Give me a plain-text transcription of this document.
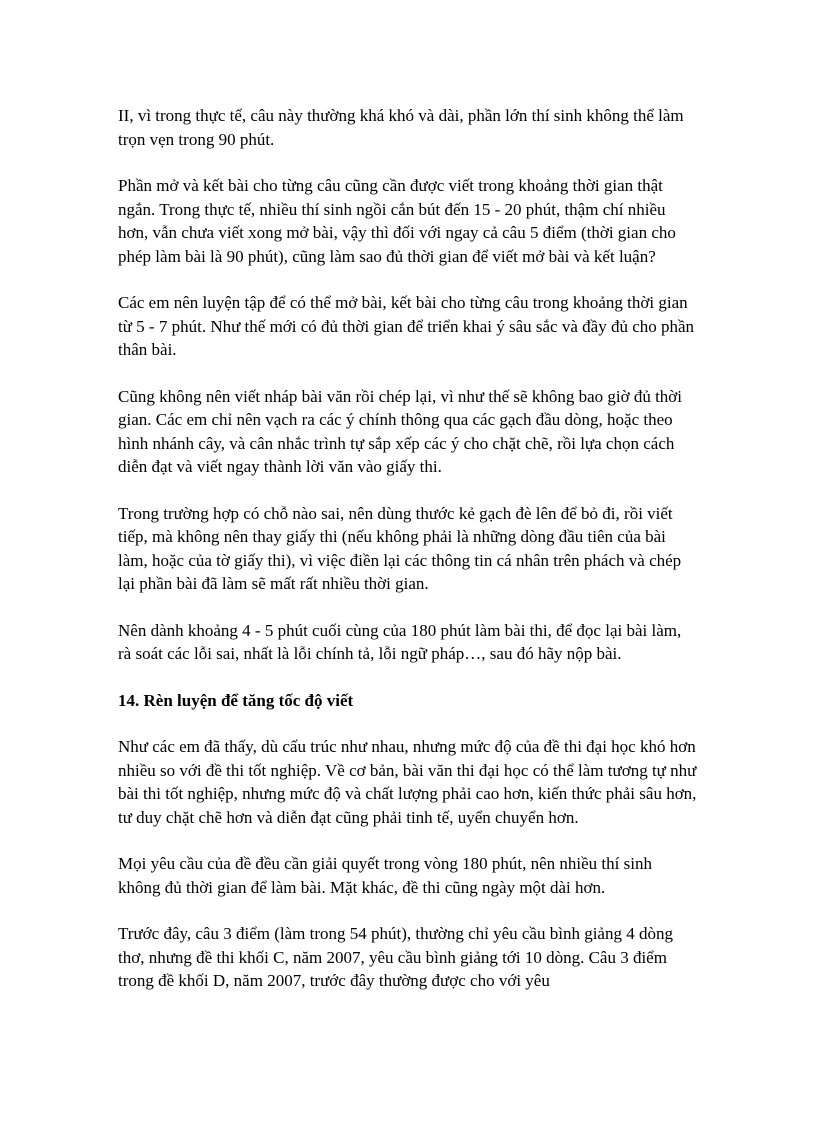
II, vì trong thực tế, câu này thường khá khó và dài, phần lớn thí sinh không thể làm trọn vẹn trong 90 phút.

Phần mở và kết bài cho từng câu cũng cần được viết trong khoảng thời gian thật ngắn. Trong thực tế, nhiều thí sinh ngồi cắn bút đến 15 - 20 phút, thậm chí nhiều hơn, vẫn chưa viết xong mở bài, vậy thì đối với ngay cả câu 5 điểm (thời gian cho phép làm bài là 90 phút), cũng làm sao đủ thời gian để viết mở bài và kết luận?

Các em nên luyện tập để có thể mở bài, kết bài cho từng câu trong khoảng thời gian từ 5 - 7 phút. Như thế mới có đủ thời gian để triển khai ý sâu sắc và đầy đủ cho phần thân bài.

Cũng không nên viết nháp bài văn rồi chép lại, vì như thế sẽ không bao giờ đủ thời gian. Các em chỉ nên vạch ra các ý chính thông qua các gạch đầu dòng, hoặc theo hình nhánh cây, và cân nhắc trình tự sắp xếp các ý cho chặt chẽ, rồi lựa chọn cách diễn đạt và viết ngay thành lời văn vào giấy thi.

Trong trường hợp có chỗ nào sai, nên dùng thước kẻ gạch đè lên để bỏ đi, rồi viết tiếp, mà không nên thay giấy thi (nếu không phải là những dòng đầu tiên của bài làm, hoặc của tờ giấy thi), vì việc điền lại các thông tin cá nhân trên phách và chép lại phần bài đã làm sẽ mất rất nhiều thời gian.

Nên dành khoảng 4 - 5 phút cuối cùng của 180 phút làm bài thi, để đọc lại bài làm, rà soát các lỗi sai, nhất là lỗi chính tả, lỗi ngữ pháp…, sau đó hãy nộp bài.

14. Rèn luyện để tăng tốc độ viết

Như các em đã thấy, dù cấu trúc như nhau, nhưng mức độ của đề thi đại học khó hơn nhiều so với đề thi tốt nghiệp. Về cơ bản, bài văn thi đại học có thể làm tương tự như bài thi tốt nghiệp, nhưng mức độ và chất lượng phải cao hơn, kiến thức phải sâu hơn, tư duy chặt chẽ hơn và diễn đạt cũng phải tinh tế, uyển chuyển hơn.

Mọi yêu cầu của đề đều cần giải quyết trong vòng 180 phút, nên nhiều thí sinh không đủ thời gian để làm bài. Mặt khác, đề thi cũng ngày một dài hơn.

Trước đây, câu 3 điểm (làm trong 54 phút), thường chỉ yêu cầu bình giảng 4 dòng thơ, nhưng đề thi khối C, năm 2007, yêu cầu bình giảng tới 10 dòng. Câu 3 điểm trong đề khối D, năm 2007, trước đây thường được cho với yêu
